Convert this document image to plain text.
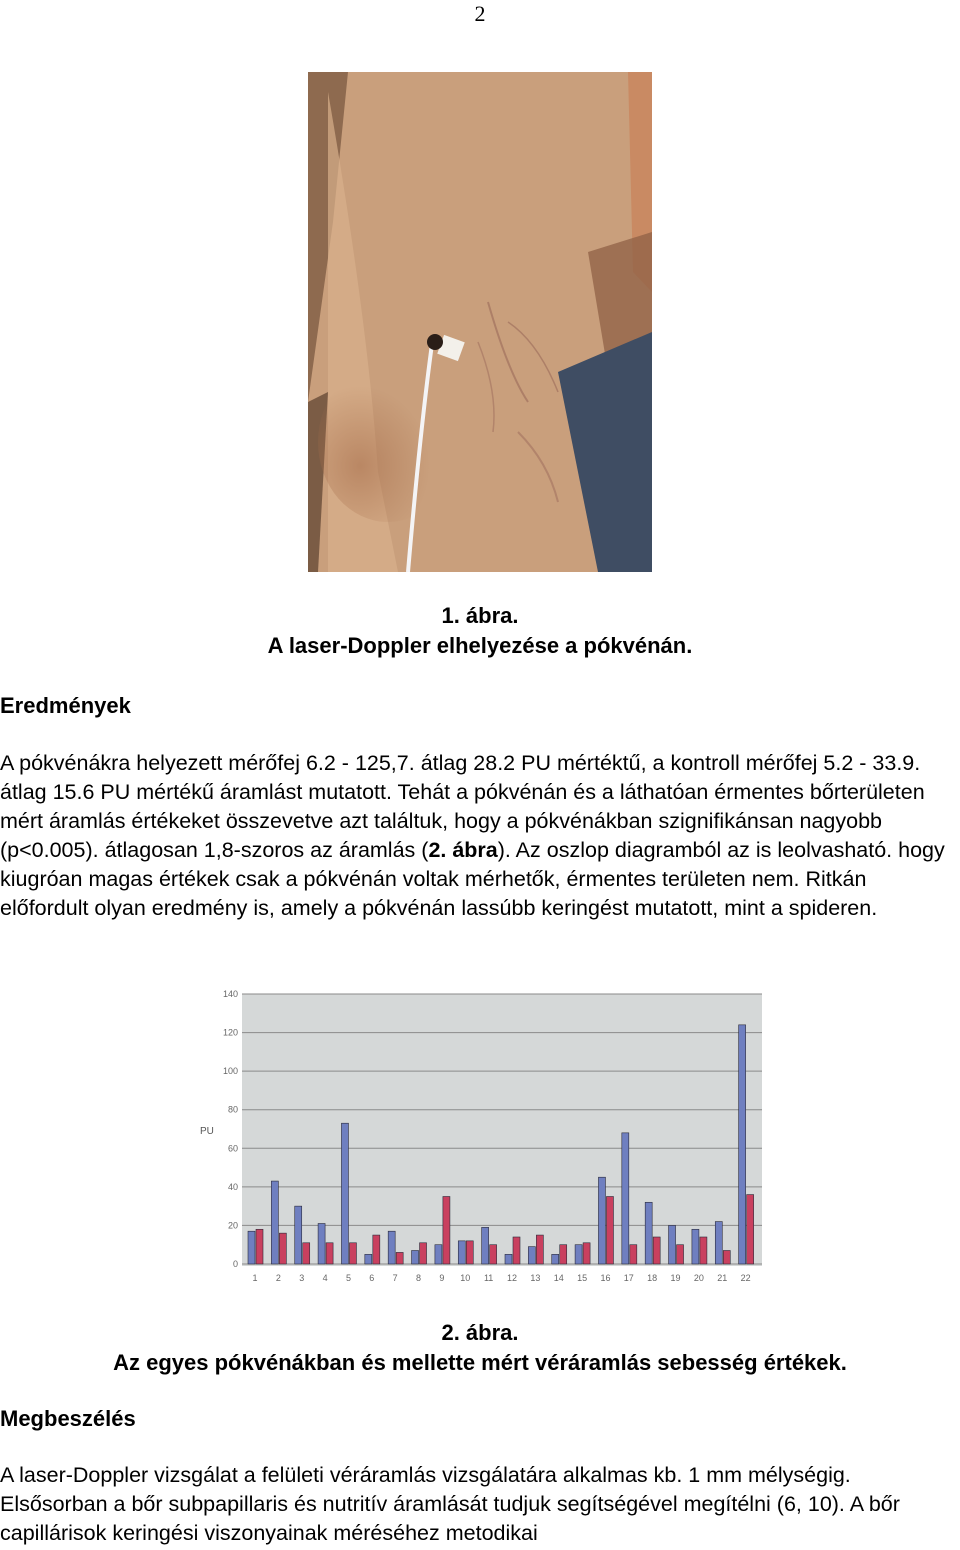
2
1. ábra.
A laser-Doppler elhelyezése a pókvénán.
Eredmények

A pókvénákra helyezett mérőfej 6.2 - 125,7. átlag 28.2 PU mértéktű, a kontroll mérőfej 5.2 - 33.9. átlag 15.6 PU mértékű áramlást mutatott. Tehát a pókvénán és a láthatóan érmentes bőrterületen mért áramlás értékeket összevetve azt találtuk, hogy a pókvénákban szignifikánsan nagyobb (p<0.005). átlagosan 1,8-szoros az áramlás (2. ábra). Az oszlop diagramból az is leolvasható. hogy kiugróan magas értékek csak a pókvénán voltak mérhetők, érmentes területen nem. Ritkán előfordult olyan eredmény is, amely a pókvénán lassúbb keringést mutatott, mint a spideren.

0
20
40
60
80
100
120
140
PU
1 2 3 4 5 6 7 8 9 10 11 12 13 14 15 16 17 18 19 20 21 22
2. ábra.
Az egyes pókvénákban és mellette mért véráramlás sebesség értékek.
Megbeszélés

A laser-Doppler vizsgálat a felületi véráramlás vizsgálatára alkalmas kb. 1 mm mélységig. Elsősorban a bőr subpapillaris és nutritív áramlását tudjuk segítségével megítélni (6, 10). A bőr capillárisok keringési viszonyainak méréséhez metodikai
